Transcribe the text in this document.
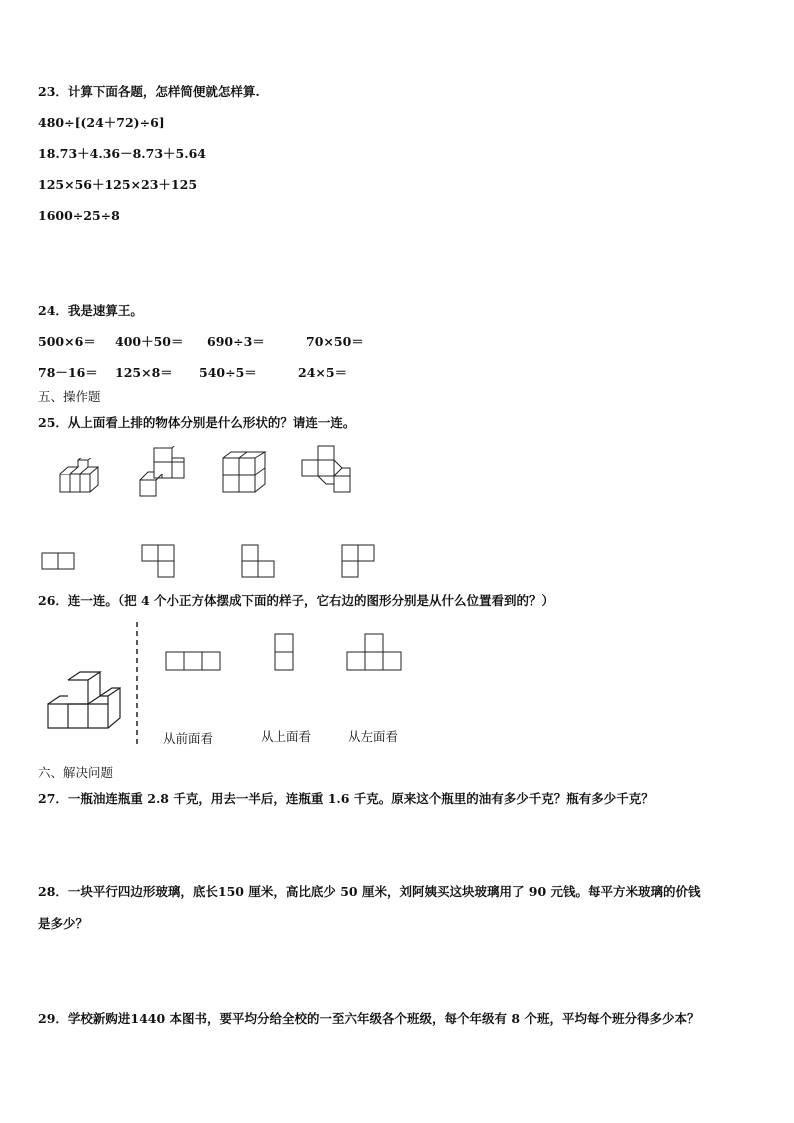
23．计算下面各题，怎样简便就怎样算.
480÷[(24＋72)÷6]
18.73＋4.36－8.73＋5.64
125×56＋125×23＋125
1600÷25÷8
24．我是速算王。
500×6＝ 400＋50＝ 690÷3＝	70×50＝
78－16＝ 125×8＝ 540÷5＝	24×5＝
五、操作题
25．从上面看上排的物体分别是什么形状的？请连一连。
26．连一连。（把 4 个小正方体摆成下面的样子，它右边的图形分别是从什么位置看到的？）
从前面看	从上面看	从左面看
六、解决问题
27．一瓶油连瓶重 2.8 千克，用去一半后，连瓶重 1.6 千克。原来这个瓶里的油有多少千克？瓶有多少千克？
28．一块平行四边形玻璃，底长150 厘米，高比底少 50 厘米，刘阿姨买这块玻璃用了 90 元钱。每平方米玻璃的价钱
是多少？
29．学校新购进1440 本图书，要平均分给全校的一至六年级各个班级，每个年级有 8 个班，平均每个班分得多少本？
